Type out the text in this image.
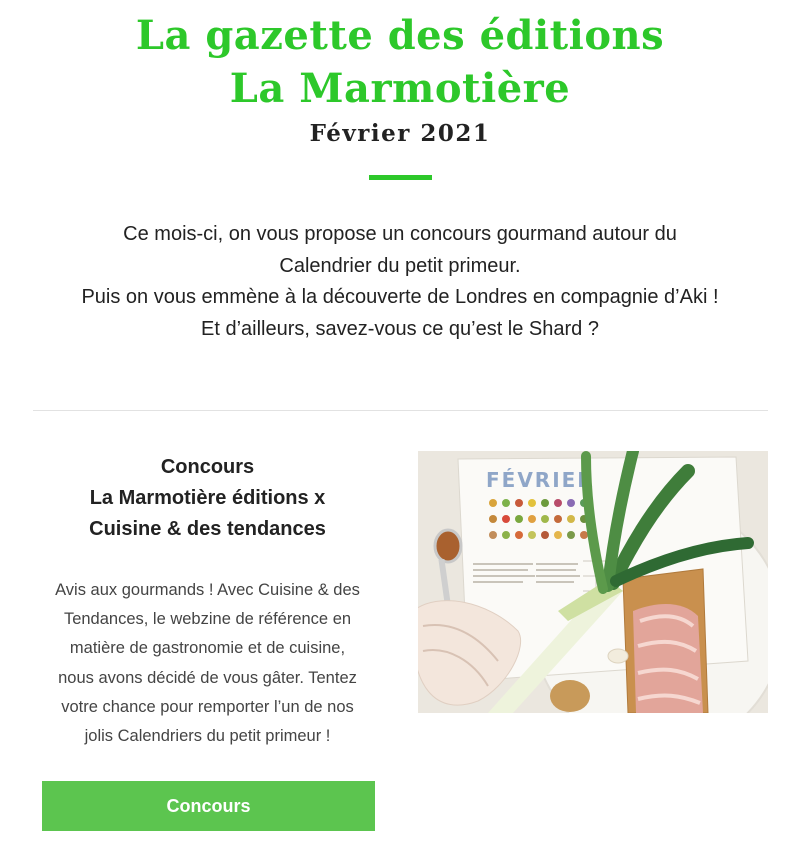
La gazette des éditions
La Marmotière
Février 2021

Ce mois-ci, on vous propose un concours gourmand autour du
Calendrier du petit primeur.
Puis on vous emmène à la découverte de Londres en compagnie d’Aki !
Et d’ailleurs, savez-vous ce qu’est le Shard ?

Concours
La Marmotière éditions x
Cuisine & des tendances

Avis aux gourmands ! Avec Cuisine & des
Tendances, le webzine de référence en
matière de gastronomie et de cuisine,
nous avons décidé de vous gâter. Tentez
votre chance pour remporter l’un de nos
jolis Calendriers du petit primeur !

Concours
FÉVRIER
